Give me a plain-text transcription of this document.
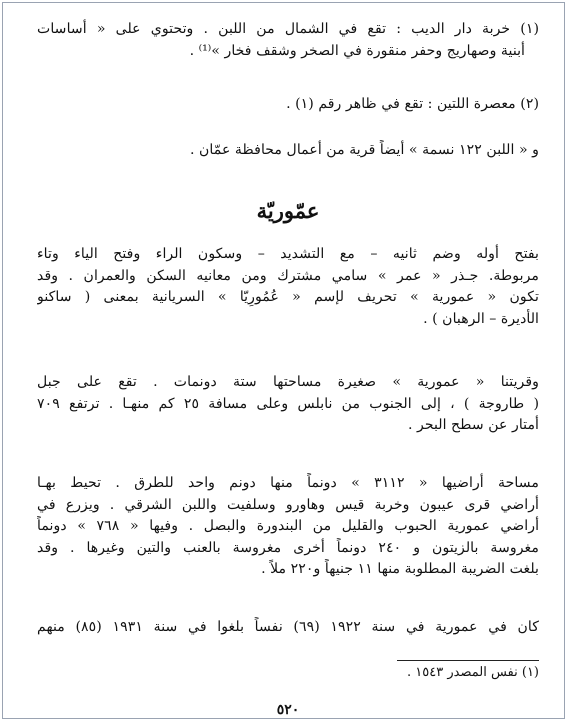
(١) خربة دار الديب : تقع في الشمال من اللبن . وتحتوي على « أساسات
أبنية وصهاريج وحفر منقورة في الصخر وشقف فخار »⁽¹⁾ .
(٢) معصرة اللتين : تقع في ظاهر رقم (١) .
و « اللبن ١٢٢ نسمة » أيضاً قرية من أعمال محافظة عمّان .
عمّوريّة
بفتح أوله وضم ثانيه – مع التشديد – وسكون الراء وفتح الياء وتاء
مربوطة. جـذر « عمر » سامي مشترك ومن معانيه السكن والعمران . وقد
تكون « عمورية » تحريف لإسم « عُمُورِيّا » السريانية بمعنى ( ساكنو
الأديرة – الرهبان ) .
وقريتنا « عمورية » صغيرة مساحتها ستة دونمات . تقع على جبل
( طاروجة ) ، إلى الجنوب من نابلس وعلى مسافة ٢٥ كم منهـا . ترتفع ٧٠٩
أمتار عن سطح البحر .
مساحة أراضيها « ٣١١٢ » دونماً منها دونم واحد للطرق . تحيط بهـا
أراضي قرى عيبون وخربة قيس وهاورو وسلفيت واللبن الشرقي . ويزرع في
أراضي عمورية الحبوب والقليل من البندورة والبصل . وفيها « ٧٦٨ » دونماً
مغروسة بالزيتون و ٢٤٠ دونماً أخرى مغروسة بالعنب والتين وغيرها . وقد
بلغت الضريبة المطلوبة منها ١١ جنيهاً و٢٢٠ ملاً .
كان في عمورية في سنة ١٩٢٢ (٦٩) نفساً بلغوا في سنة ١٩٣١ (٨٥) منهم
(١) نفس المصدر ١٥٤٣ .
٥٢٠
